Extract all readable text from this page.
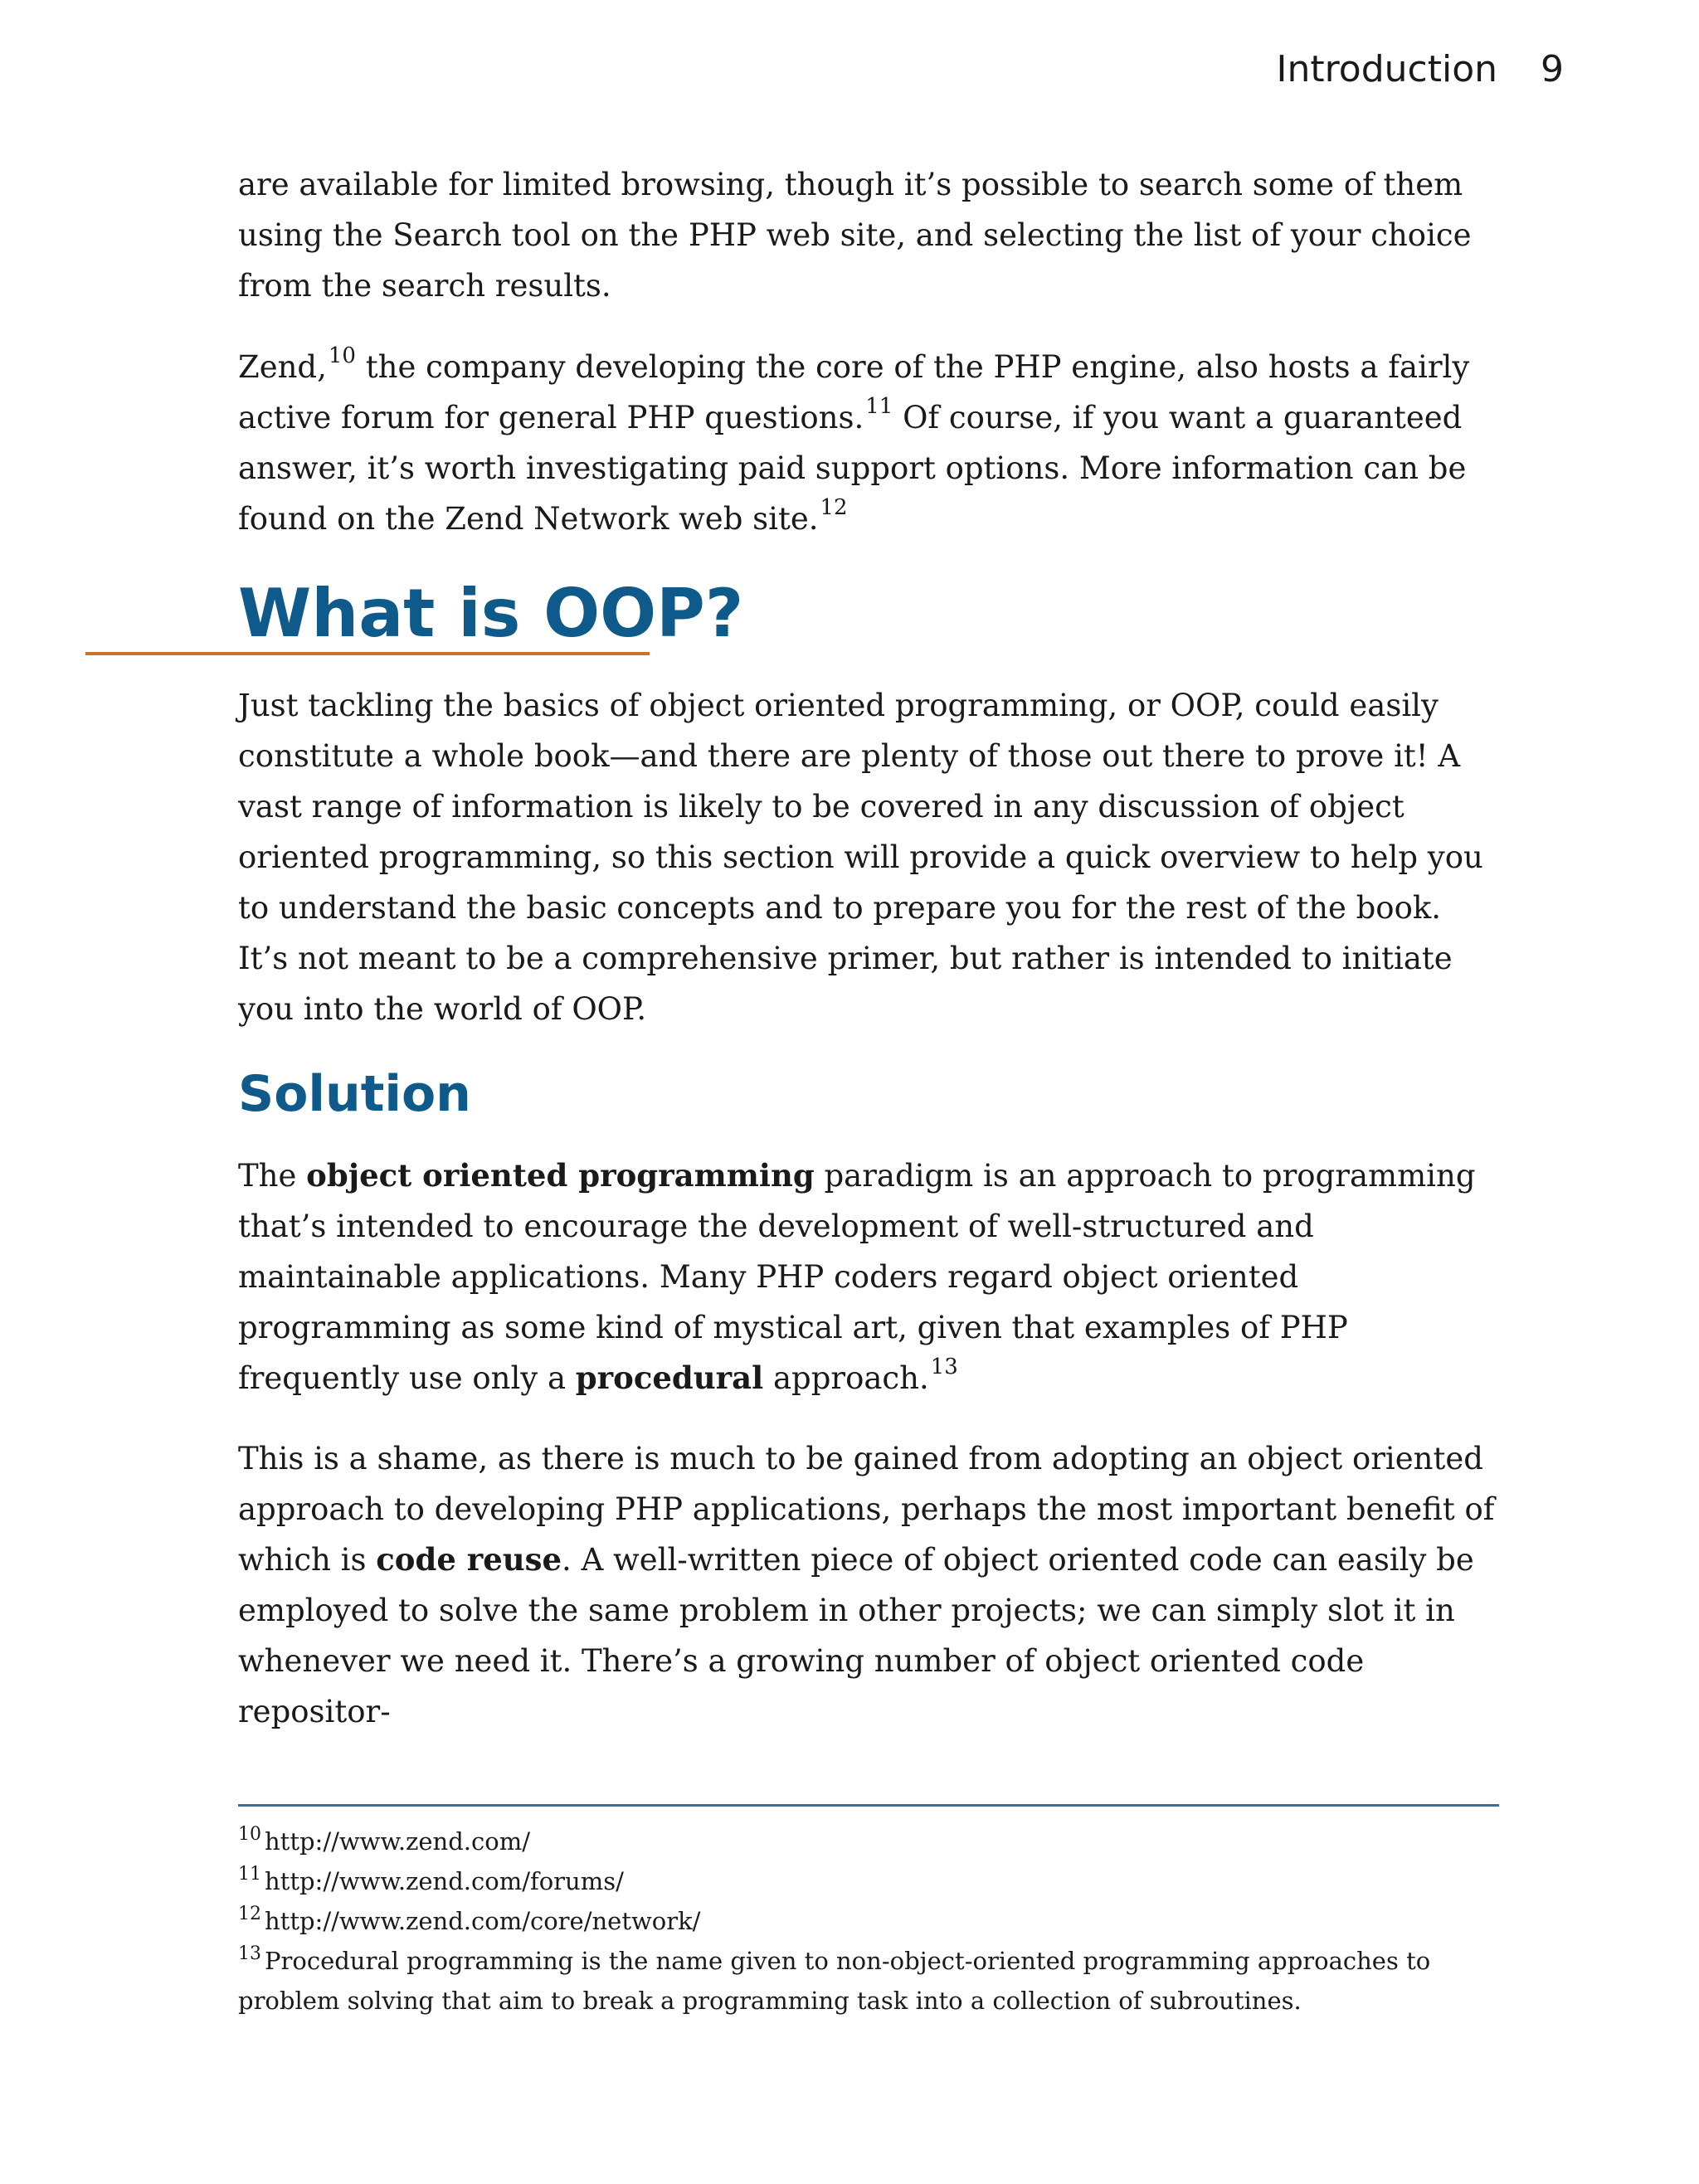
Introduction 9

are available for limited browsing, though it’s possible to search some of them using the Search tool on the PHP web site, and selecting the list of your choice from the search results.

Zend,$^{10}$ the company developing the core of the PHP engine, also hosts a fairly active forum for general PHP questions.$^{11}$ Of course, if you want a guaranteed answer, it’s worth investigating paid support options. More information can be found on the Zend Network web site.$^{12}$

What is OOP?

Just tackling the basics of object oriented programming, or OOP, could easily constitute a whole book—and there are plenty of those out there to prove it! A vast range of information is likely to be covered in any discussion of object oriented programming, so this section will provide a quick overview to help you to understand the basic concepts and to prepare you for the rest of the book. It’s not meant to be a comprehensive primer, but rather is intended to initiate you into the world of OOP.

Solution

The object oriented programming paradigm is an approach to programming that’s intended to encourage the development of well-structured and maintainable applications. Many PHP coders regard object oriented programming as some kind of mystical art, given that examples of PHP frequently use only a procedural approach.$^{13}$

This is a shame, as there is much to be gained from adopting an object oriented approach to developing PHP applications, perhaps the most important benefit of which is code reuse. A well-written piece of object oriented code can easily be employed to solve the same problem in other projects; we can simply slot it in whenever we need it. There’s a growing number of object oriented code repositor-

$^{10}$ http://www.zend.com/

$^{11}$ http://www.zend.com/forums/

$^{12}$ http://www.zend.com/core/network/

$^{13}$ Procedural programming is the name given to non-object-oriented programming approaches to problem solving that aim to break a programming task into a collection of subroutines.
